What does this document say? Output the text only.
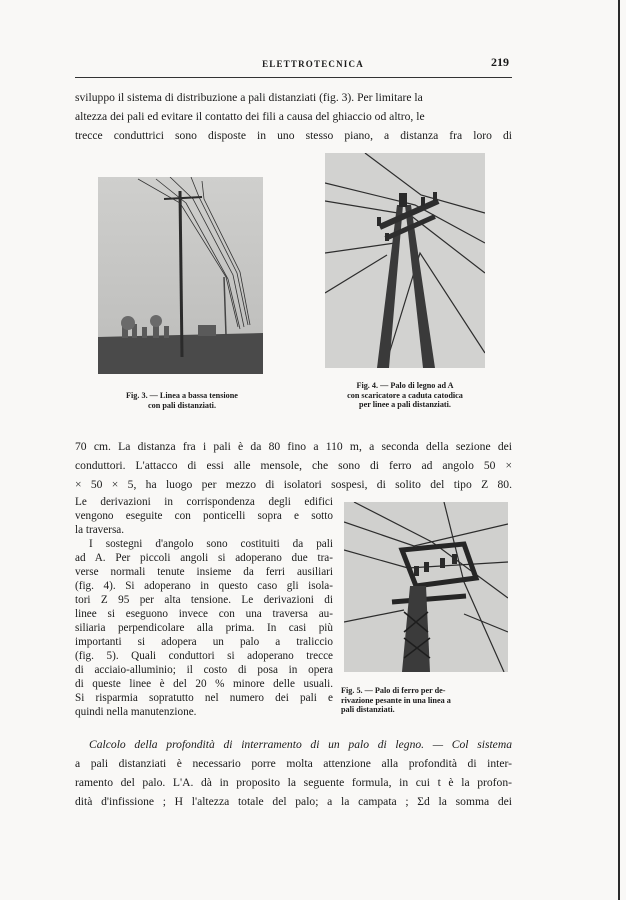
ELETTROTECNICA	219

sviluppo il sistema di distribuzione a pali distanziati (fig. 3). Per limitare la

altezza dei pali ed evitare il contatto dei fili a causa del ghiaccio od altro, le

trecce conduttrici sono disposte in uno stesso piano, a distanza fra loro di

Fig. 3. — Linea a bassa tensione
con pali distanziati.
Fig. 4. — Palo di legno ad A
con scaricatore a caduta catodica
per linee a pali distanziati.

70 cm. La distanza fra i pali è da 80 fino a 110 m, a seconda della sezione dei

conduttori. L'attacco di essi alle mensole, che sono di ferro ad angolo 50 ×

× 50 × 5, ha luogo per mezzo di isolatori sospesi, di solito del tipo Z 80.

Le derivazioni in corrispondenza degli edifici

vengono eseguite con ponticelli sopra e sotto

la traversa.

I sostegni d'angolo sono costituiti da pali

ad A. Per piccoli angoli si adoperano due tra-

verse normali tenute insieme da ferri ausiliari

(fig. 4). Si adoperano in questo caso gli isola-

tori Z 95 per alta tensione. Le derivazioni di

linee si eseguono invece con una traversa au-

siliaria perpendicolare alla prima. In casi più

importanti si adopera un palo a traliccio

(fig. 5). Quali conduttori si adoperano trecce

di acciaio-alluminio; il costo di posa in opera

di queste linee è del 20 % minore delle usuali.

Si risparmia sopratutto nel numero dei pali e

quindi nella manutenzione.

Fig. 5. — Palo di ferro per de-
rivazione pesante in una linea a
pali distanziati.

Calcolo della profondità di interramento di un palo di legno. — Col sistema

a pali distanziati è necessario porre molta attenzione alla profondità di inter-

ramento del palo. L'A. dà in proposito la seguente formula, in cui t è la profon-

dità d'infissione ; H l'altezza totale del palo; a la campata ; Σd la somma dei
